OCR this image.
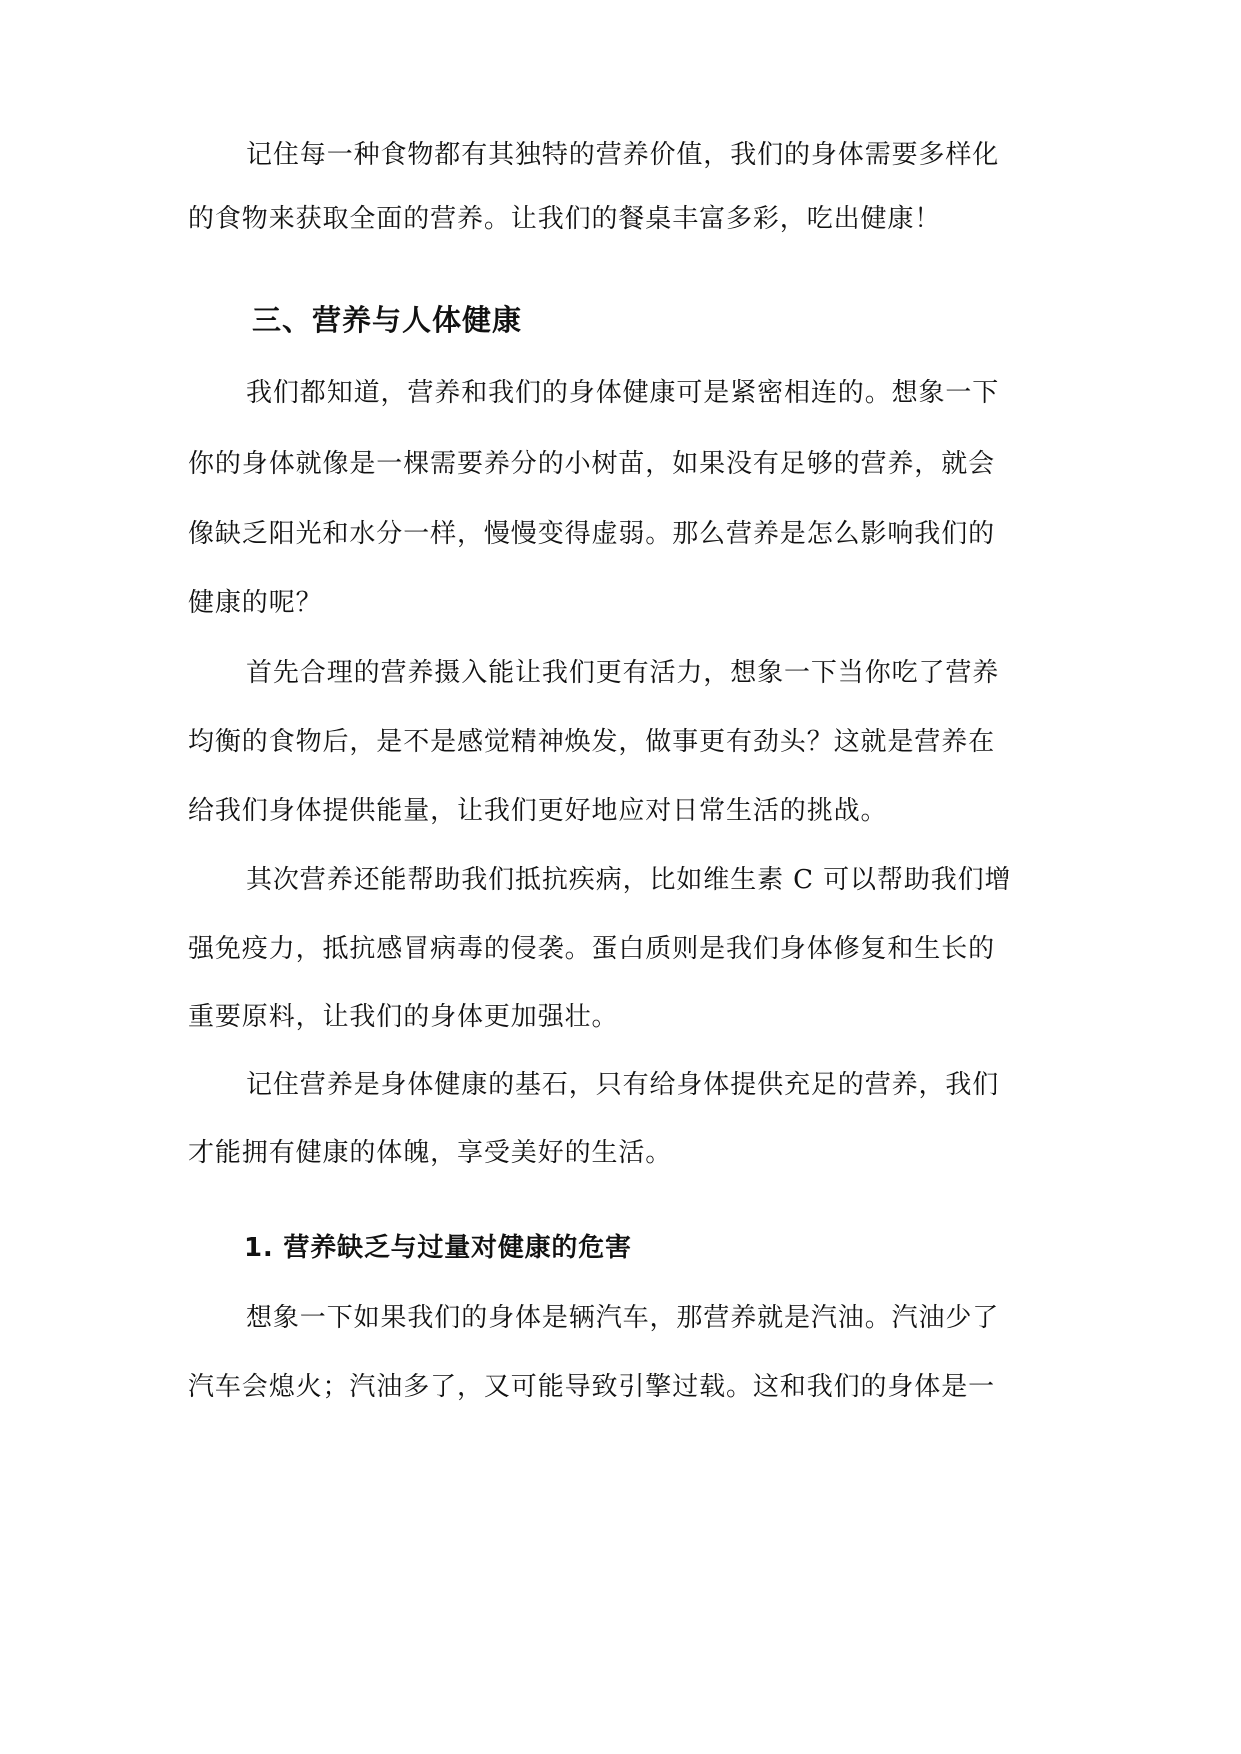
记住每一种食物都有其独特的营养价值，我们的身体需要多样化
的食物来获取全面的营养。让我们的餐桌丰富多彩，吃出健康！
三、营养与人体健康
我们都知道，营养和我们的身体健康可是紧密相连的。想象一下
你的身体就像是一棵需要养分的小树苗，如果没有足够的营养，就会
像缺乏阳光和水分一样，慢慢变得虚弱。那么营养是怎么影响我们的
健康的呢？
首先合理的营养摄入能让我们更有活力，想象一下当你吃了营养
均衡的食物后，是不是感觉精神焕发，做事更有劲头？这就是营养在
给我们身体提供能量，让我们更好地应对日常生活的挑战。
其次营养还能帮助我们抵抗疾病，比如维生素 C 可以帮助我们增
强免疫力，抵抗感冒病毒的侵袭。蛋白质则是我们身体修复和生长的
重要原料，让我们的身体更加强壮。
记住营养是身体健康的基石，只有给身体提供充足的营养，我们
才能拥有健康的体魄，享受美好的生活。
1. 营养缺乏与过量对健康的危害
想象一下如果我们的身体是辆汽车，那营养就是汽油。汽油少了
汽车会熄火；汽油多了，又可能导致引擎过载。这和我们的身体是一
